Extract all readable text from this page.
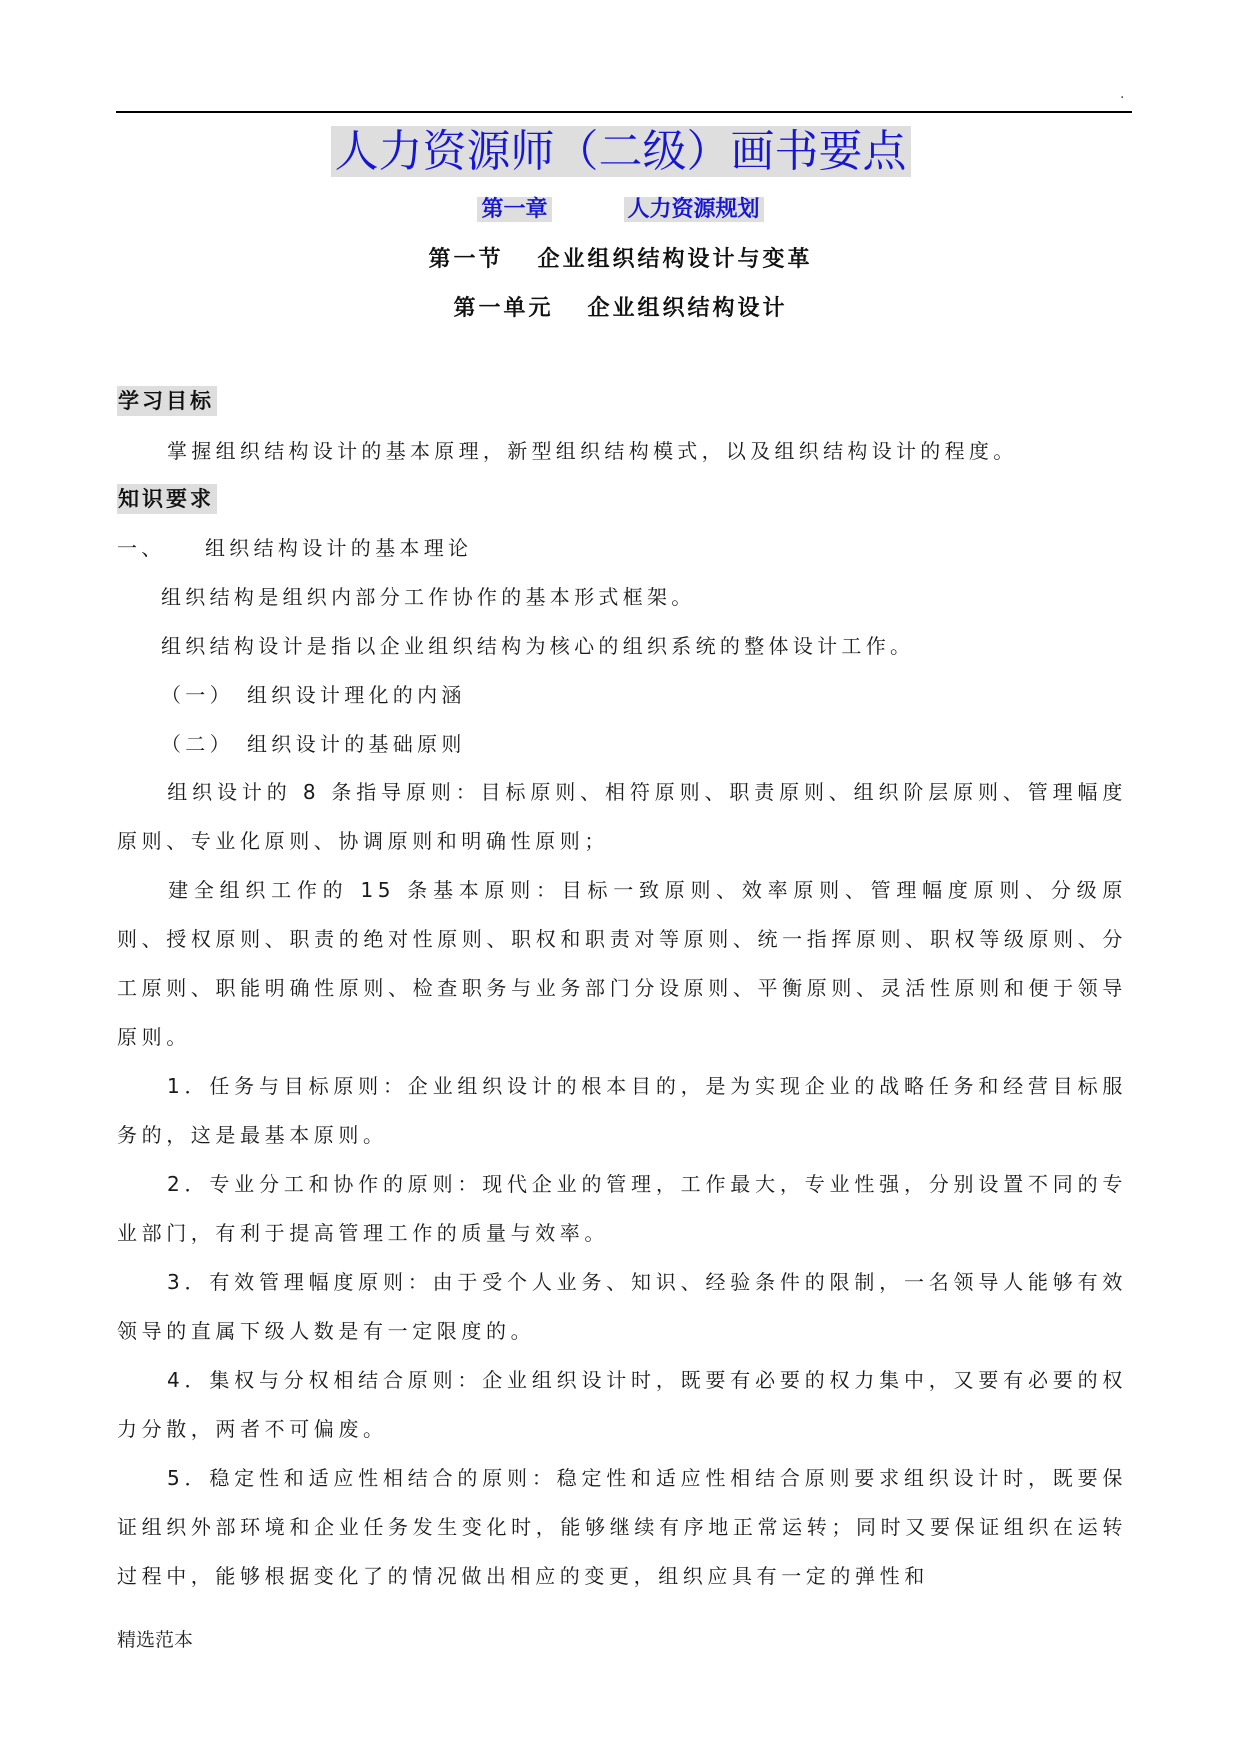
.
人力资源师（二级）画书要点
第一章	人力资源规划
第一节 企业组织结构设计与变革
第一单元 企业组织结构设计
学习目标
掌握组织结构设计的基本原理，新型组织结构模式，以及组织结构设计的程度。
知识要求
一、 组织结构设计的基本理论
组织结构是组织内部分工作协作的基本形式框架。
组织结构设计是指以企业组织结构为核心的组织系统的整体设计工作。
（一） 组织设计理化的内涵
（二） 组织设计的基础原则
组织设计的 8 条指导原则：目标原则、相符原则、职责原则、组织阶层原则、管理幅度原则、专业化原则、协调原则和明确性原则；
建全组织工作的 15 条基本原则：目标一致原则、效率原则、管理幅度原则、分级原则、授权原则、职责的绝对性原则、职权和职责对等原则、统一指挥原则、职权等级原则、分工原则、职能明确性原则、检查职务与业务部门分设原则、平衡原则、灵活性原则和便于领导原则。
1．任务与目标原则：企业组织设计的根本目的，是为实现企业的战略任务和经营目标服务的，这是最基本原则。
2．专业分工和协作的原则：现代企业的管理，工作最大，专业性强，分别设置不同的专业部门，有利于提高管理工作的质量与效率。
3．有效管理幅度原则：由于受个人业务、知识、经验条件的限制，一名领导人能够有效领导的直属下级人数是有一定限度的。
4．集权与分权相结合原则：企业组织设计时，既要有必要的权力集中，又要有必要的权力分散，两者不可偏废。
5．稳定性和适应性相结合的原则：稳定性和适应性相结合原则要求组织设计时，既要保证组织外部环境和企业任务发生变化时，能够继续有序地正常运转；同时又要保证组织在运转过程中，能够根据变化了的情况做出相应的变更，组织应具有一定的弹性和
精选范本
